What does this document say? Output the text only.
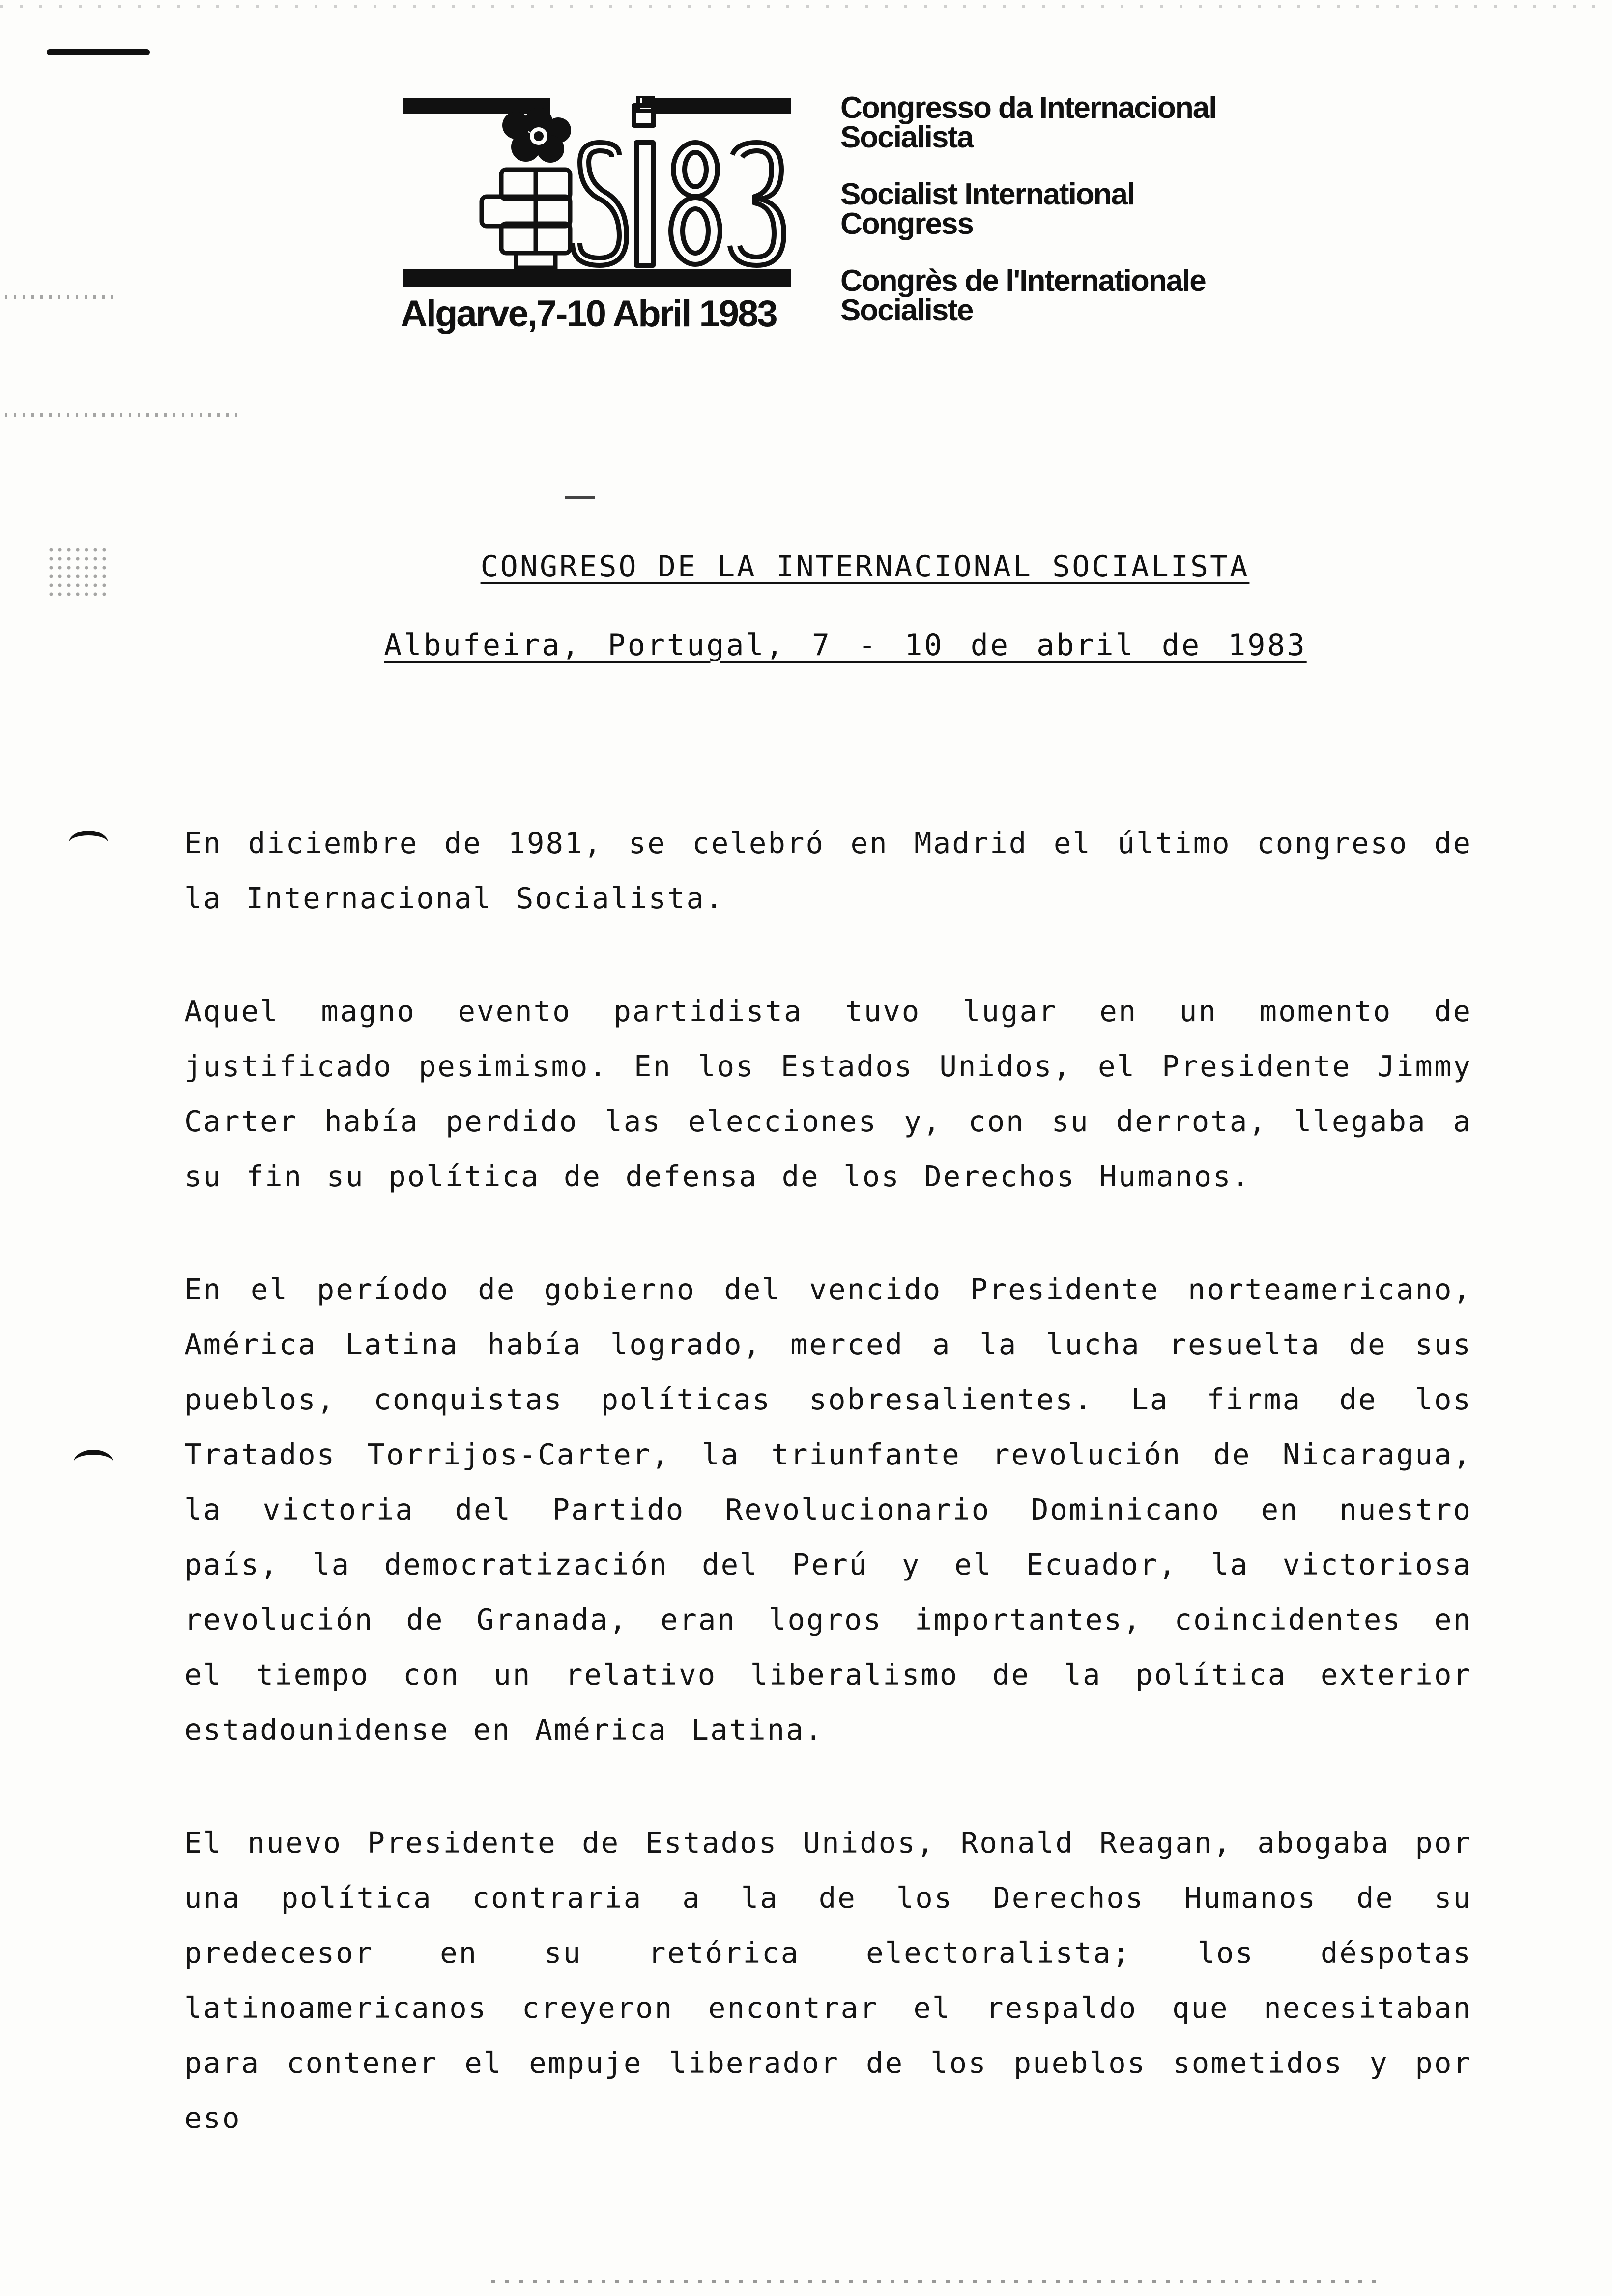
Algarve,7-10 Abril 1983
Congresso da Internacional
Socialista
Socialist International
Congress
Congrès de l'Internationale
Socialiste
CONGRESO DE LA INTERNACIONAL SOCIALISTA
Albufeira, Portugal, 7 - 10 de abril de 1983

En diciembre de 1981, se celebró en Madrid el último congreso de la Internacional Socialista.

Aquel magno evento partidista tuvo lugar en un momento de justificado pesimismo. En los Estados Unidos, el Presidente Jimmy Carter había perdido las elecciones y, con su derrota, llegaba a su fin su política de defensa de los Derechos Humanos.

En el período de gobierno del vencido Presidente norteamericano, América Latina había logrado, merced a la lucha resuelta de sus pueblos, conquistas políticas sobresalientes. La firma de los Tratados Torrijos-Carter, la triunfante revolución de Nicaragua, la victoria del Partido Revolucionario Dominicano en nuestro país, la democratización del Perú y el Ecuador, la victoriosa revolución de Granada, eran logros importantes, coincidentes en el tiempo con un relativo liberalismo de la política exterior estadounidense en América Latina.

El nuevo Presidente de Estados Unidos, Ronald Reagan, abogaba por una política contraria a la de los Derechos Humanos de su predecesor en su retórica electoralista; los déspotas latinoamericanos creyeron encontrar el respaldo que necesitaban para contener el empuje liberador de los pueblos sometidos y por eso
